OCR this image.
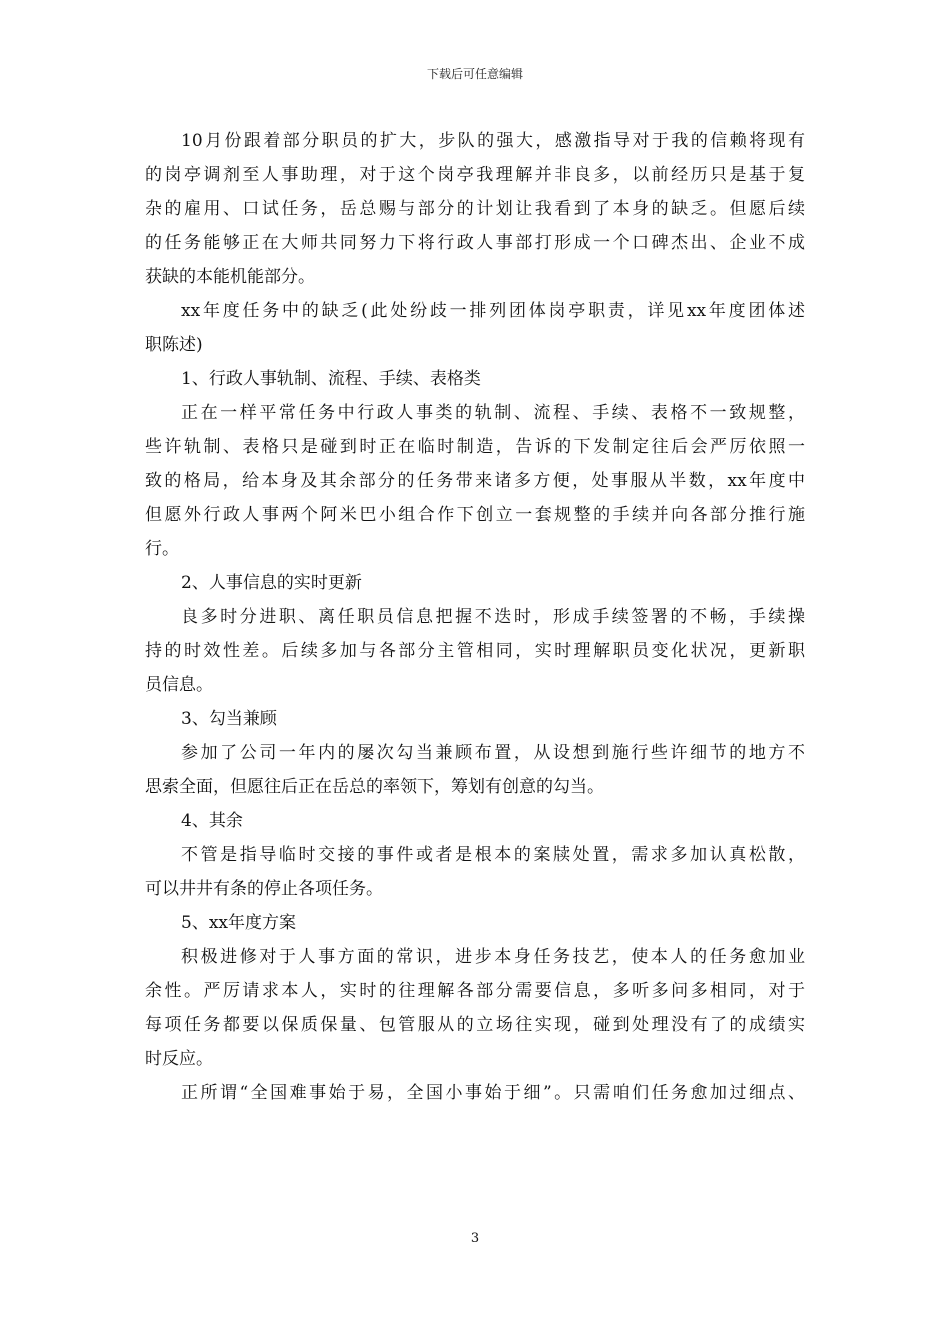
下载后可任意编辑
10月份跟着部分职员的扩大，步队的强大，感激指导对于我的信赖将现有
的岗亭调剂至人事助理，对于这个岗亭我理解并非良多，以前经历只是基于复
杂的雇用、口试任务，岳总赐与部分的计划让我看到了本身的缺乏。但愿后续
的任务能够正在大师共同努力下将行政人事部打形成一个口碑杰出、企业不成
获缺的本能机能部分。
xx年度任务中的缺乏(此处纷歧一排列团体岗亭职责，详见xx年度团体述
职陈述)
1、行政人事轨制、流程、手续、表格类
正在一样平常任务中行政人事类的轨制、流程、手续、表格不一致规整，
些许轨制、表格只是碰到时正在临时制造，告诉的下发制定往后会严厉依照一
致的格局，给本身及其余部分的任务带来诸多方便，处事服从半数，xx年度中
但愿外行政人事两个阿米巴小组合作下创立一套规整的手续并向各部分推行施
行。
2、人事信息的实时更新
良多时分进职、离任职员信息把握不迭时，形成手续签署的不畅，手续操
持的时效性差。后续多加与各部分主管相同，实时理解职员变化状况，更新职
员信息。
3、勾当兼顾
参加了公司一年内的屡次勾当兼顾布置，从设想到施行些许细节的地方不
思索全面，但愿往后正在岳总的率领下，筹划有创意的勾当。
4、其余
不管是指导临时交接的事件或者是根本的案牍处置，需求多加认真松散，
可以井井有条的停止各项任务。
5、xx年度方案
积极进修对于人事方面的常识，进步本身任务技艺，使本人的任务愈加业
余性。严厉请求本人，实时的往理解各部分需要信息，多听多问多相同，对于
每项任务都要以保质保量、包管服从的立场往实现，碰到处理没有了的成绩实
时反应。
正所谓“全国难事始于易，全国小事始于细”。只需咱们任务愈加过细点、
3
